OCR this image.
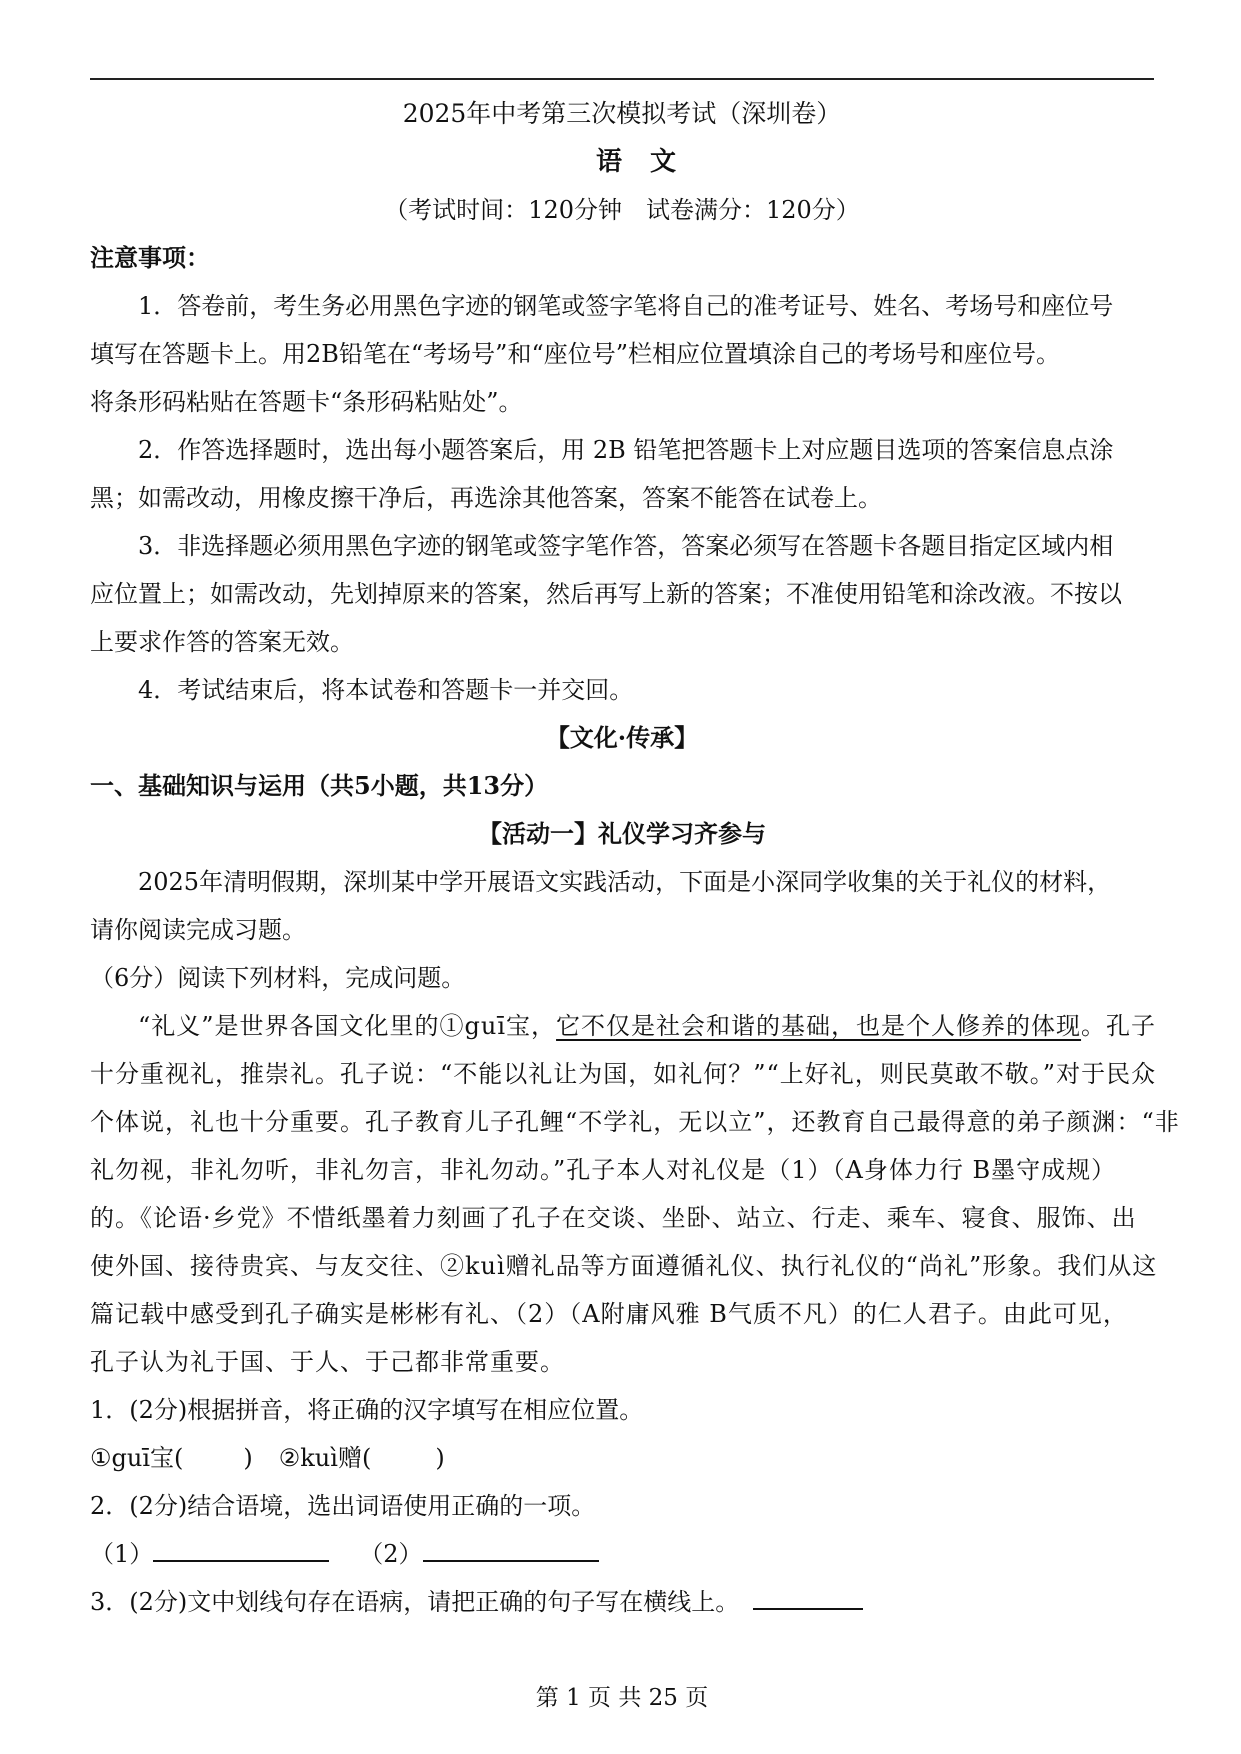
2025年中考第三次模拟考试（深圳卷）
语文
（考试时间：120分钟　试卷满分：120分）
注意事项：
1．答卷前，考生务必用黑色字迹的钢笔或签字笔将自己的准考证号、姓名、考场号和座位号
填写在答题卡上。用2B铅笔在“考场号”和“座位号”栏相应位置填涂自己的考场号和座位号。
将条形码粘贴在答题卡“条形码粘贴处”。
2．作答选择题时，选出每小题答案后，用 2B 铅笔把答题卡上对应题目选项的答案信息点涂
黑；如需改动，用橡皮擦干净后，再选涂其他答案，答案不能答在试卷上。
3．非选择题必须用黑色字迹的钢笔或签字笔作答，答案必须写在答题卡各题目指定区域内相
应位置上；如需改动，先划掉原来的答案，然后再写上新的答案；不准使用铅笔和涂改液。不按以
上要求作答的答案无效。
4．考试结束后，将本试卷和答题卡一并交回。
【文化·传承】
一、基础知识与运用（共5小题，共13分）
【活动一】礼仪学习齐参与
2025年清明假期，深圳某中学开展语文实践活动，下面是小深同学收集的关于礼仪的材料，
请你阅读完成习题。
（6分）阅读下列材料，完成问题。
“礼义”是世界各国文化里的①guī宝，它不仅是社会和谐的基础，也是个人修养的体现。孔子
十分重视礼，推崇礼。孔子说：“不能以礼让为国，如礼何？”“上好礼，则民莫敢不敬。”对于民众
个体说，礼也十分重要。孔子教育儿子孔鲤“不学礼，无以立”，还教育自己最得意的弟子颜渊：“非
礼勿视，非礼勿听，非礼勿言，非礼勿动。”孔子本人对礼仪是（1）（A身体力行 B墨守成规）
的。《论语·乡党》不惜纸墨着力刻画了孔子在交谈、坐卧、站立、行走、乘车、寝食、服饰、出
使外国、接待贵宾、与友交往、②kuì赠礼品等方面遵循礼仪、执行礼仪的“尚礼”形象。我们从这
篇记载中感受到孔子确实是彬彬有礼、（2）（A附庸风雅 B气质不凡）的仁人君子。由此可见，
孔子认为礼于国、于人、于己都非常重要。
1．(2分)根据拼音，将正确的汉字填写在相应位置。
①guī宝(	) ②kuì赠(	)
2．(2分)结合语境，选出词语使用正确的一项。
（1）	（2）
3．(2分)文中划线句存在语病，请把正确的句子写在横线上。
第 1 页 共 25 页
